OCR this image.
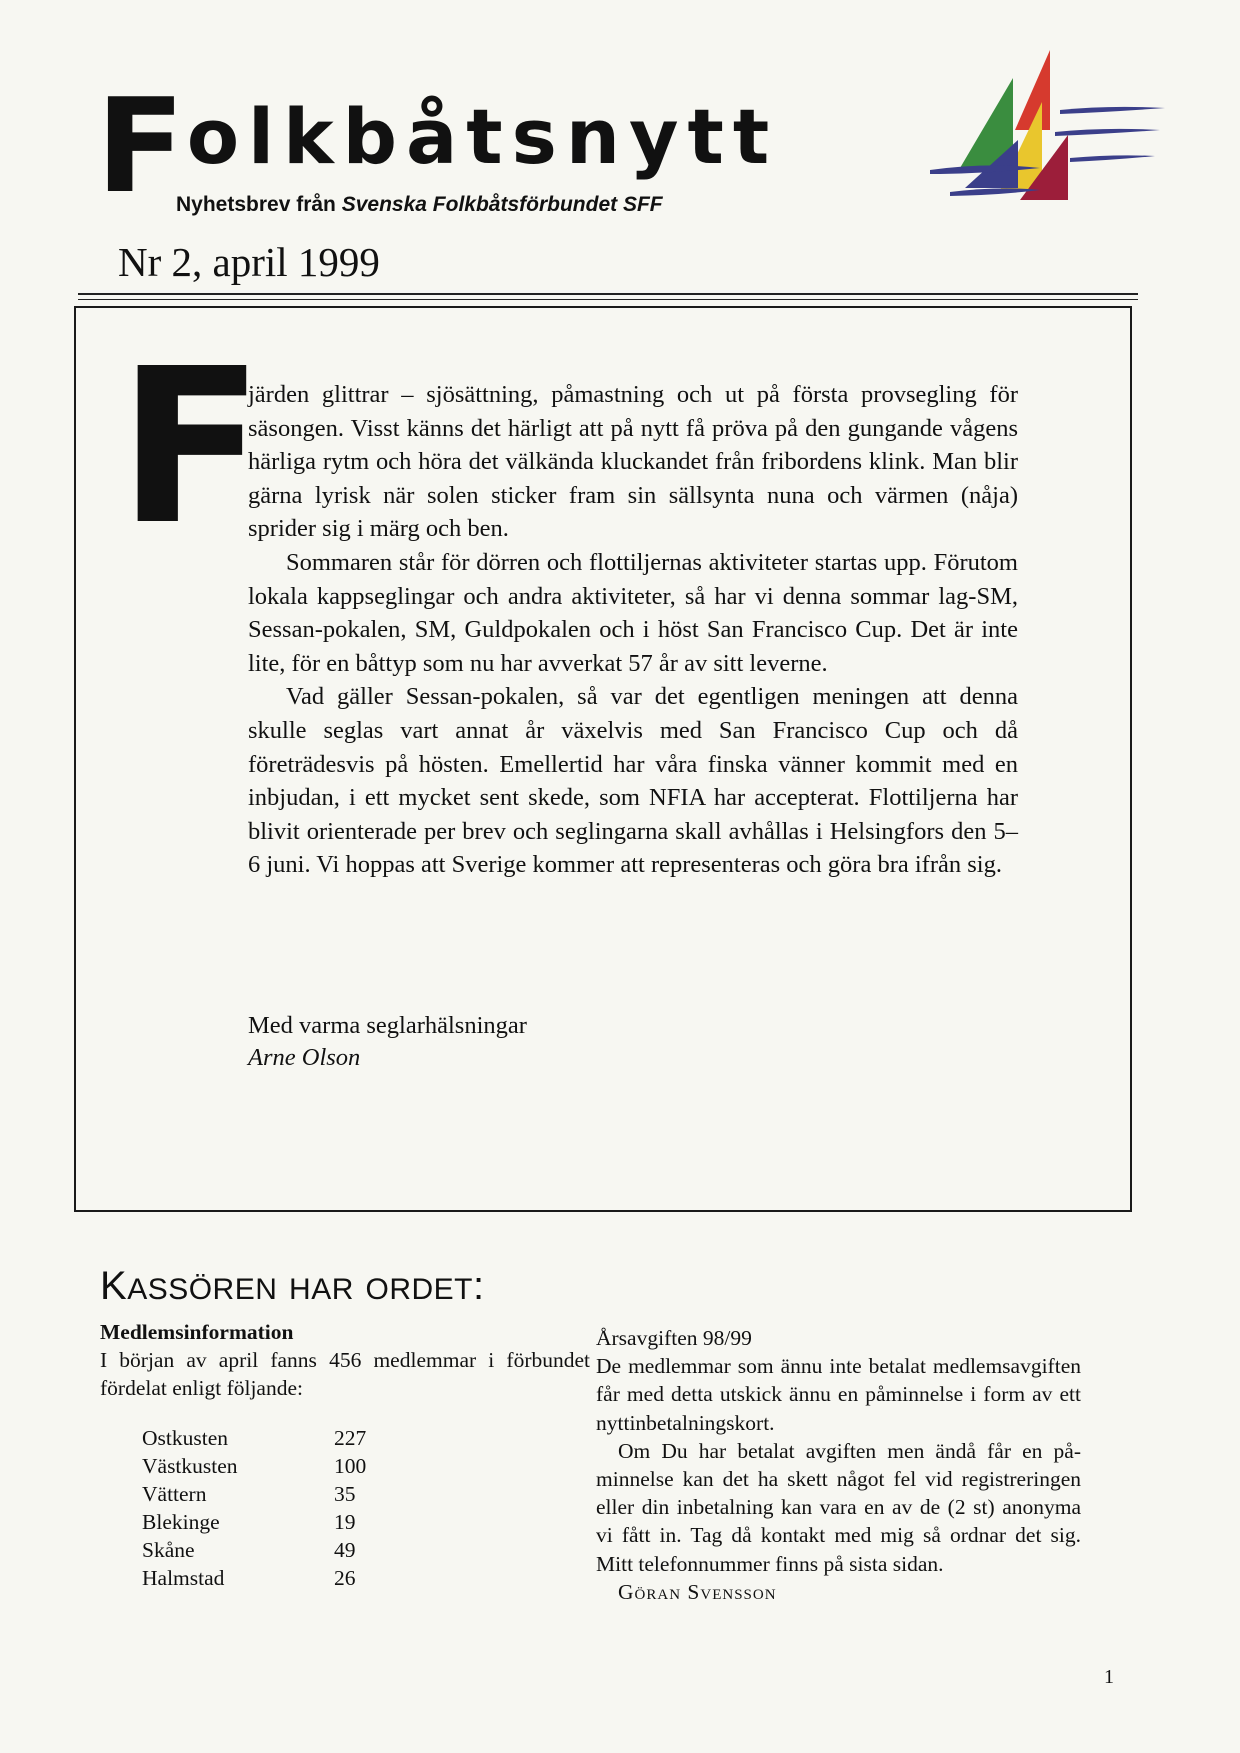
Folkbåtsnytt
Nyhetsbrev från Svenska Folkbåtsförbundet SFF
Nr 2, april 1999
F

järden glittrar – sjösättning, påmastning och ut på första provsegling för säsongen. Visst känns det härligt att på nytt få pröva på den gungande vågens härliga rytm och höra det välkända kluckandet från fribordens klink. Man blir gärna lyrisk när solen sticker fram sin sällsynta nuna och värmen (nåja) sprider sig i märg och ben.

Sommaren står för dörren och flottiljernas aktiviteter startas upp. Förutom lokala kappseglingar och andra aktiviteter, så har vi denna sommar lag-SM, Sessan-pokalen, SM, Guldpokalen och i höst San Francisco Cup. Det är inte lite, för en båttyp som nu har avverkat 57 år av sitt leverne.

Vad gäller Sessan-pokalen, så var det egentligen meningen att denna skulle seglas vart annat år växelvis med San Francisco Cup och då företrädesvis på hösten. Emellertid har våra finska vänner kommit med en inbjudan, i ett mycket sent skede, som NFIA har accepterat. Flottiljerna har blivit orienterade per brev och seglingarna skall avhållas i Helsingfors den 5–6 juni. Vi hoppas att Sverige kommer att representeras och göra bra ifrån sig.

Med varma seglarhälsningar
Arne Olson
KASSÖREN HAR ORDET:
Medlemsinformation
I början av april fanns 456 medlemmar i förbundet fördelat enligt följande:
Ostkusten	227
Västkusten	100
Vättern	35
Blekinge	19
Skåne	49
Halmstad	26
Årsavgiften 98/99

De medlemmar som ännu inte betalat medlemsavgiften får med detta utskick ännu en påminnelse i form av ett nyttinbetalningskort.

Om Du har betalat avgiften men ändå får en påminnelse kan det ha skett något fel vid registreringen eller din inbetalning kan vara en av de (2 st) anonyma vi fått in. Tag då kontakt med mig så ordnar det sig. Mitt telefonnummer finns på sista sidan.

Göran Svensson

1
